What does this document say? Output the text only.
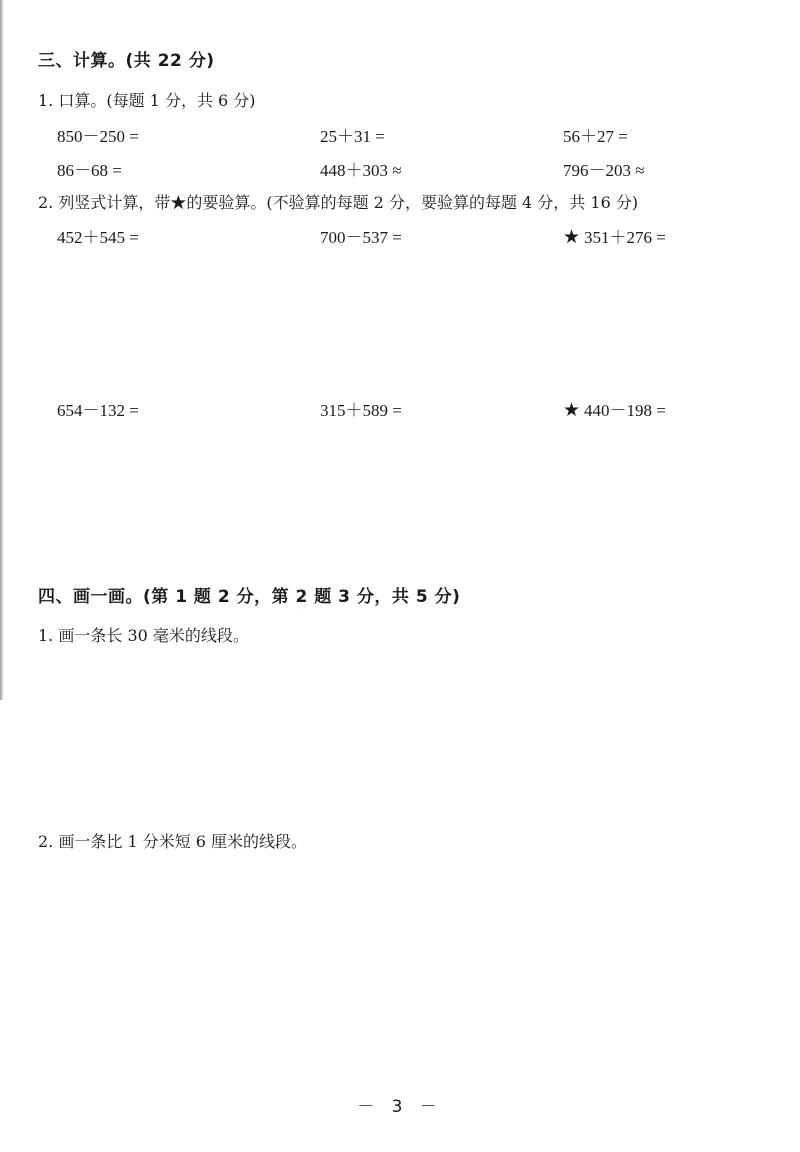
三、计算。(共 22 分)
1. 口算。(每题 1 分，共 6 分)
850－250 =	25＋31 =	56＋27 =
86－68 =	448＋303 ≈	796－203 ≈
2. 列竖式计算，带★的要验算。(不验算的每题 2 分，要验算的每题 4 分，共 16 分)
452＋545 =	700－537 =	★ 351＋276 =
654－132 =	315＋589 =	★ 440－198 =
四、画一画。(第 1 题 2 分，第 2 题 3 分，共 5 分)
·
1. 画一条长 30 毫米的线段。
2. 画一条比 1 分米短 6 厘米的线段。
－ 3 －
